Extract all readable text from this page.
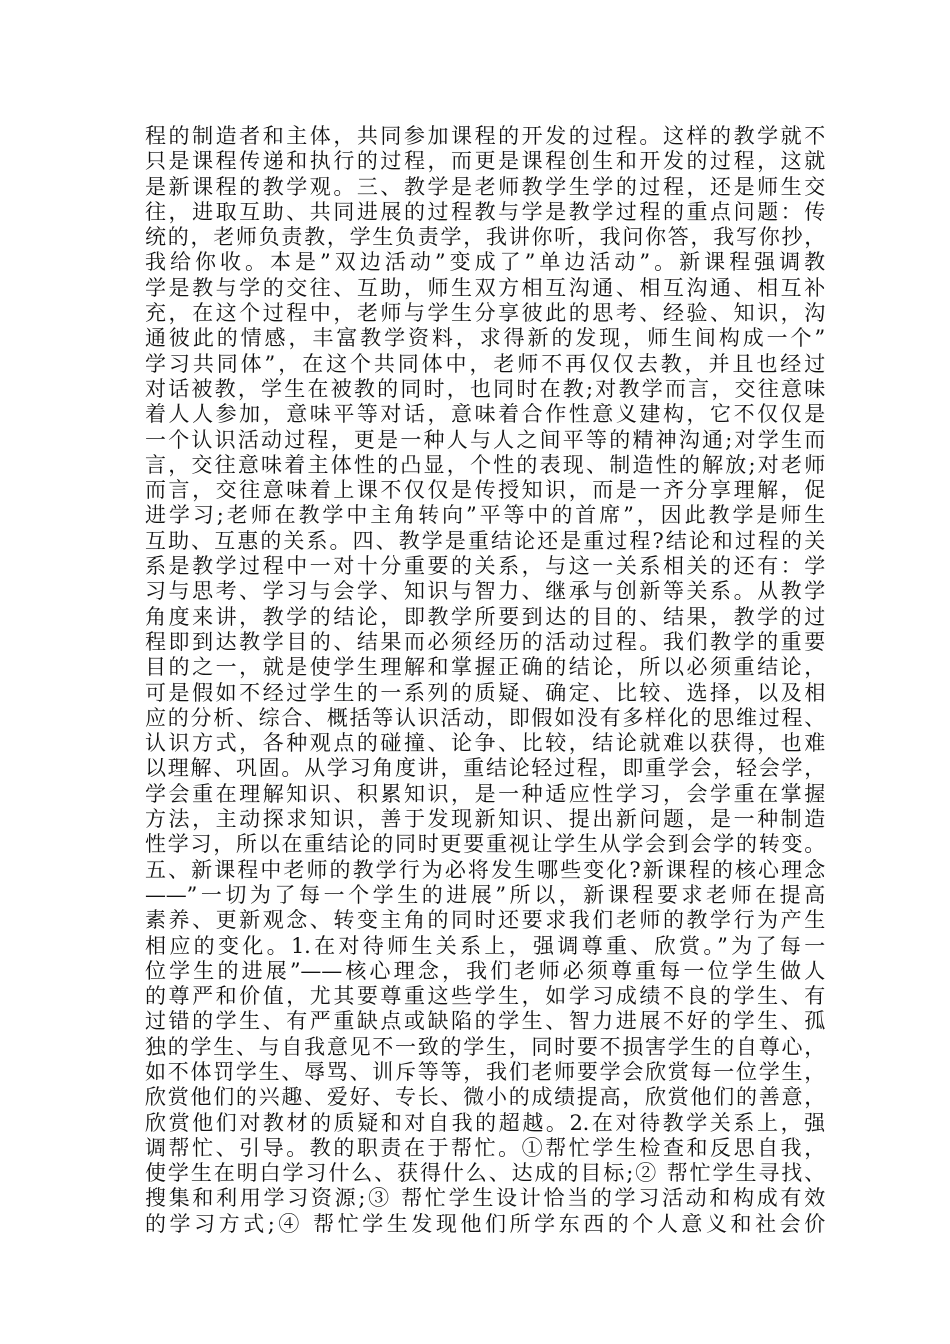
程的制造者和主体，共同参加课程的开发的过程。这样的教学就不
只是课程传递和执行的过程，而更是课程创生和开发的过程，这就
是新课程的教学观。三、教学是老师教学生学的过程，还是师生交
往，进取互助、共同进展的过程教与学是教学过程的重点问题：传
统的，老师负责教，学生负责学，我讲你听，我问你答，我写你抄，
我给你收。本是”双边活动”变成了”单边活动”。新课程强调教
学是教与学的交往、互助，师生双方相互沟通、相互沟通、相互补
充，在这个过程中，老师与学生分享彼此的思考、经验、知识，沟
通彼此的情感，丰富教学资料，求得新的发现，师生间构成一个”
学习共同体”，在这个共同体中，老师不再仅仅去教，并且也经过
对话被教，学生在被教的同时，也同时在教;对教学而言，交往意味
着人人参加，意味平等对话，意味着合作性意义建构，它不仅仅是
一个认识活动过程，更是一种人与人之间平等的精神沟通;对学生而
言，交往意味着主体性的凸显，个性的表现、制造性的解放;对老师
而言，交往意味着上课不仅仅是传授知识，而是一齐分享理解，促
进学习;老师在教学中主角转向”平等中的首席”，因此教学是师生
互助、互惠的关系。四、教学是重结论还是重过程?结论和过程的关
系是教学过程中一对十分重要的关系，与这一关系相关的还有：学
习与思考、学习与会学、知识与智力、继承与创新等关系。从教学
角度来讲，教学的结论，即教学所要到达的目的、结果，教学的过
程即到达教学目的、结果而必须经历的活动过程。我们教学的重要
目的之一，就是使学生理解和掌握正确的结论，所以必须重结论，
可是假如不经过学生的一系列的质疑、确定、比较、选择，以及相
应的分析、综合、概括等认识活动，即假如没有多样化的思维过程、
认识方式，各种观点的碰撞、论争、比较，结论就难以获得，也难
以理解、巩固。从学习角度讲，重结论轻过程，即重学会，轻会学，
学会重在理解知识、积累知识，是一种适应性学习，会学重在掌握
方法，主动探求知识，善于发现新知识、提出新问题，是一种制造
性学习，所以在重结论的同时更要重视让学生从学会到会学的转变。
五、新课程中老师的教学行为必将发生哪些变化?新课程的核心理念
——”一切为了每一个学生的进展”所以，新课程要求老师在提高
素养、更新观念、转变主角的同时还要求我们老师的教学行为产生
相应的变化。1.在对待师生关系上，强调尊重、欣赏。”为了每一
位学生的进展”——核心理念，我们老师必须尊重每一位学生做人
的尊严和价值，尤其要尊重这些学生，如学习成绩不良的学生、有
过错的学生、有严重缺点或缺陷的学生、智力进展不好的学生、孤
独的学生、与自我意见不一致的学生，同时要不损害学生的自尊心，
如不体罚学生、辱骂、训斥等等，我们老师要学会欣赏每一位学生，
欣赏他们的兴趣、爱好、专长、微小的成绩提高，欣赏他们的善意，
欣赏他们对教材的质疑和对自我的超越。2.在对待教学关系上，强
调帮忙、引导。教的职责在于帮忙。①帮忙学生检查和反思自我，
使学生在明白学习什么、获得什么、达成的目标;② 帮忙学生寻找、
搜集和利用学习资源;③ 帮忙学生设计恰当的学习活动和构成有效
的学习方式;④ 帮忙学生发现他们所学东西的个人意义和社会价
